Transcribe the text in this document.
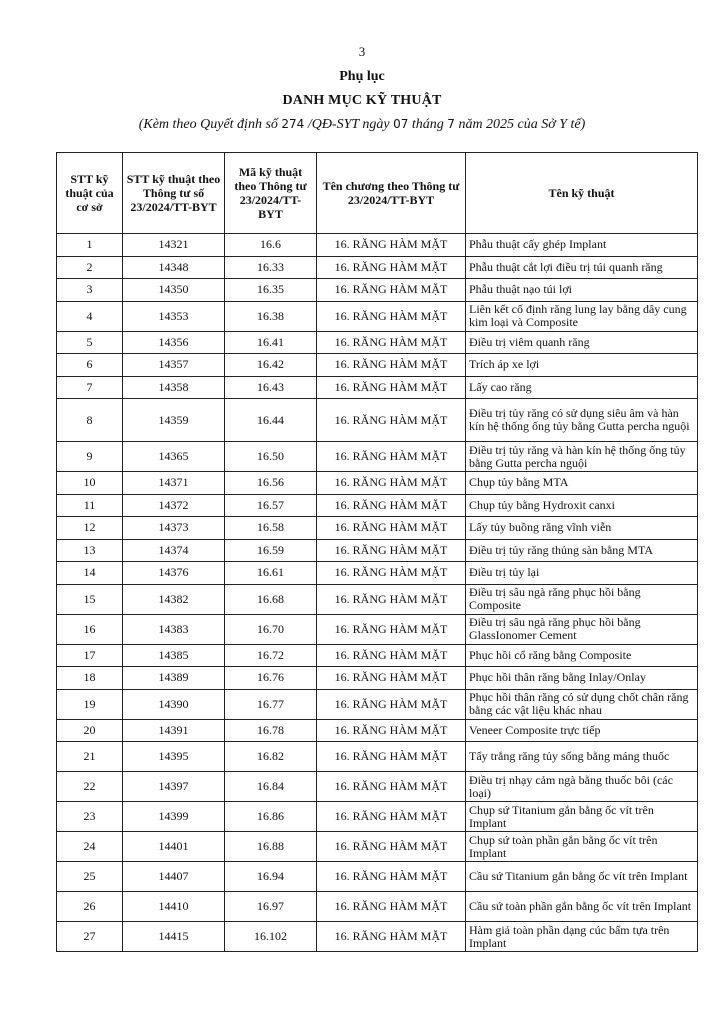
3
Phụ lục
DANH MỤC KỸ THUẬT
(Kèm theo Quyết định số 274 /QĐ-SYT ngày 07 tháng 7 năm 2025 của Sở Y tế)
STT kỹ thuật của cơ sở	STT kỹ thuật theo Thông tư số 23/2024/TT-BYT	Mã kỹ thuật theo Thông tư 23/2024/TT-BYT	Tên chương theo Thông tư 23/2024/TT-BYT	Tên kỹ thuật
1	14321	16.6	16. RĂNG HÀM MẶT	Phẫu thuật cấy ghép Implant
2	14348	16.33	16. RĂNG HÀM MẶT	Phẫu thuật cắt lợi điều trị túi quanh răng
3	14350	16.35	16. RĂNG HÀM MẶT	Phẫu thuật nạo túi lợi
4	14353	16.38	16. RĂNG HÀM MẶT	Liên kết cố định răng lung lay bằng dây cung kim loại và Composite
5	14356	16.41	16. RĂNG HÀM MẶT	Điều trị viêm quanh răng
6	14357	16.42	16. RĂNG HÀM MẶT	Trích áp xe lợi
7	14358	16.43	16. RĂNG HÀM MẶT	Lấy cao răng
8	14359	16.44	16. RĂNG HÀM MẶT	Điều trị tủy răng có sử dụng siêu âm và hàn kín hệ thống ống tủy bằng Gutta percha nguội
9	14365	16.50	16. RĂNG HÀM MẶT	Điều trị tủy răng và hàn kín hệ thống ống tủy bằng Gutta percha nguội
10	14371	16.56	16. RĂNG HÀM MẶT	Chụp tủy bằng MTA
11	14372	16.57	16. RĂNG HÀM MẶT	Chụp tủy bằng Hydroxit canxi
12	14373	16.58	16. RĂNG HÀM MẶT	Lấy tủy buồng răng vĩnh viễn
13	14374	16.59	16. RĂNG HÀM MẶT	Điều trị tủy răng thủng sàn bằng MTA
14	14376	16.61	16. RĂNG HÀM MẶT	Điều trị tủy lại
15	14382	16.68	16. RĂNG HÀM MẶT	Điều trị sâu ngà răng phục hồi bằng Composite
16	14383	16.70	16. RĂNG HÀM MẶT	Điều trị sâu ngà răng phục hồi bằng GlassIonomer Cement
17	14385	16.72	16. RĂNG HÀM MẶT	Phục hồi cổ răng bằng Composite
18	14389	16.76	16. RĂNG HÀM MẶT	Phục hồi thân răng bằng Inlay/Onlay
19	14390	16.77	16. RĂNG HÀM MẶT	Phục hồi thân răng có sử dụng chốt chân răng bằng các vật liệu khác nhau
20	14391	16.78	16. RĂNG HÀM MẶT	Veneer Composite trực tiếp
21	14395	16.82	16. RĂNG HÀM MẶT	Tẩy trắng răng tủy sống bằng máng thuốc
22	14397	16.84	16. RĂNG HÀM MẶT	Điều trị nhạy cảm ngà bằng thuốc bôi (các loại)
23	14399	16.86	16. RĂNG HÀM MẶT	Chụp sứ Titanium gắn bằng ốc vít trên Implant
24	14401	16.88	16. RĂNG HÀM MẶT	Chụp sứ toàn phần gắn bằng ốc vít trên Implant
25	14407	16.94	16. RĂNG HÀM MẶT	Cầu sứ Titanium gắn bằng ốc vít trên Implant
26	14410	16.97	16. RĂNG HÀM MẶT	Cầu sứ toàn phần gắn bằng ốc vít trên Implant
27	14415	16.102	16. RĂNG HÀM MẶT	Hàm giả toàn phần dạng cúc bấm tựa trên Implant
